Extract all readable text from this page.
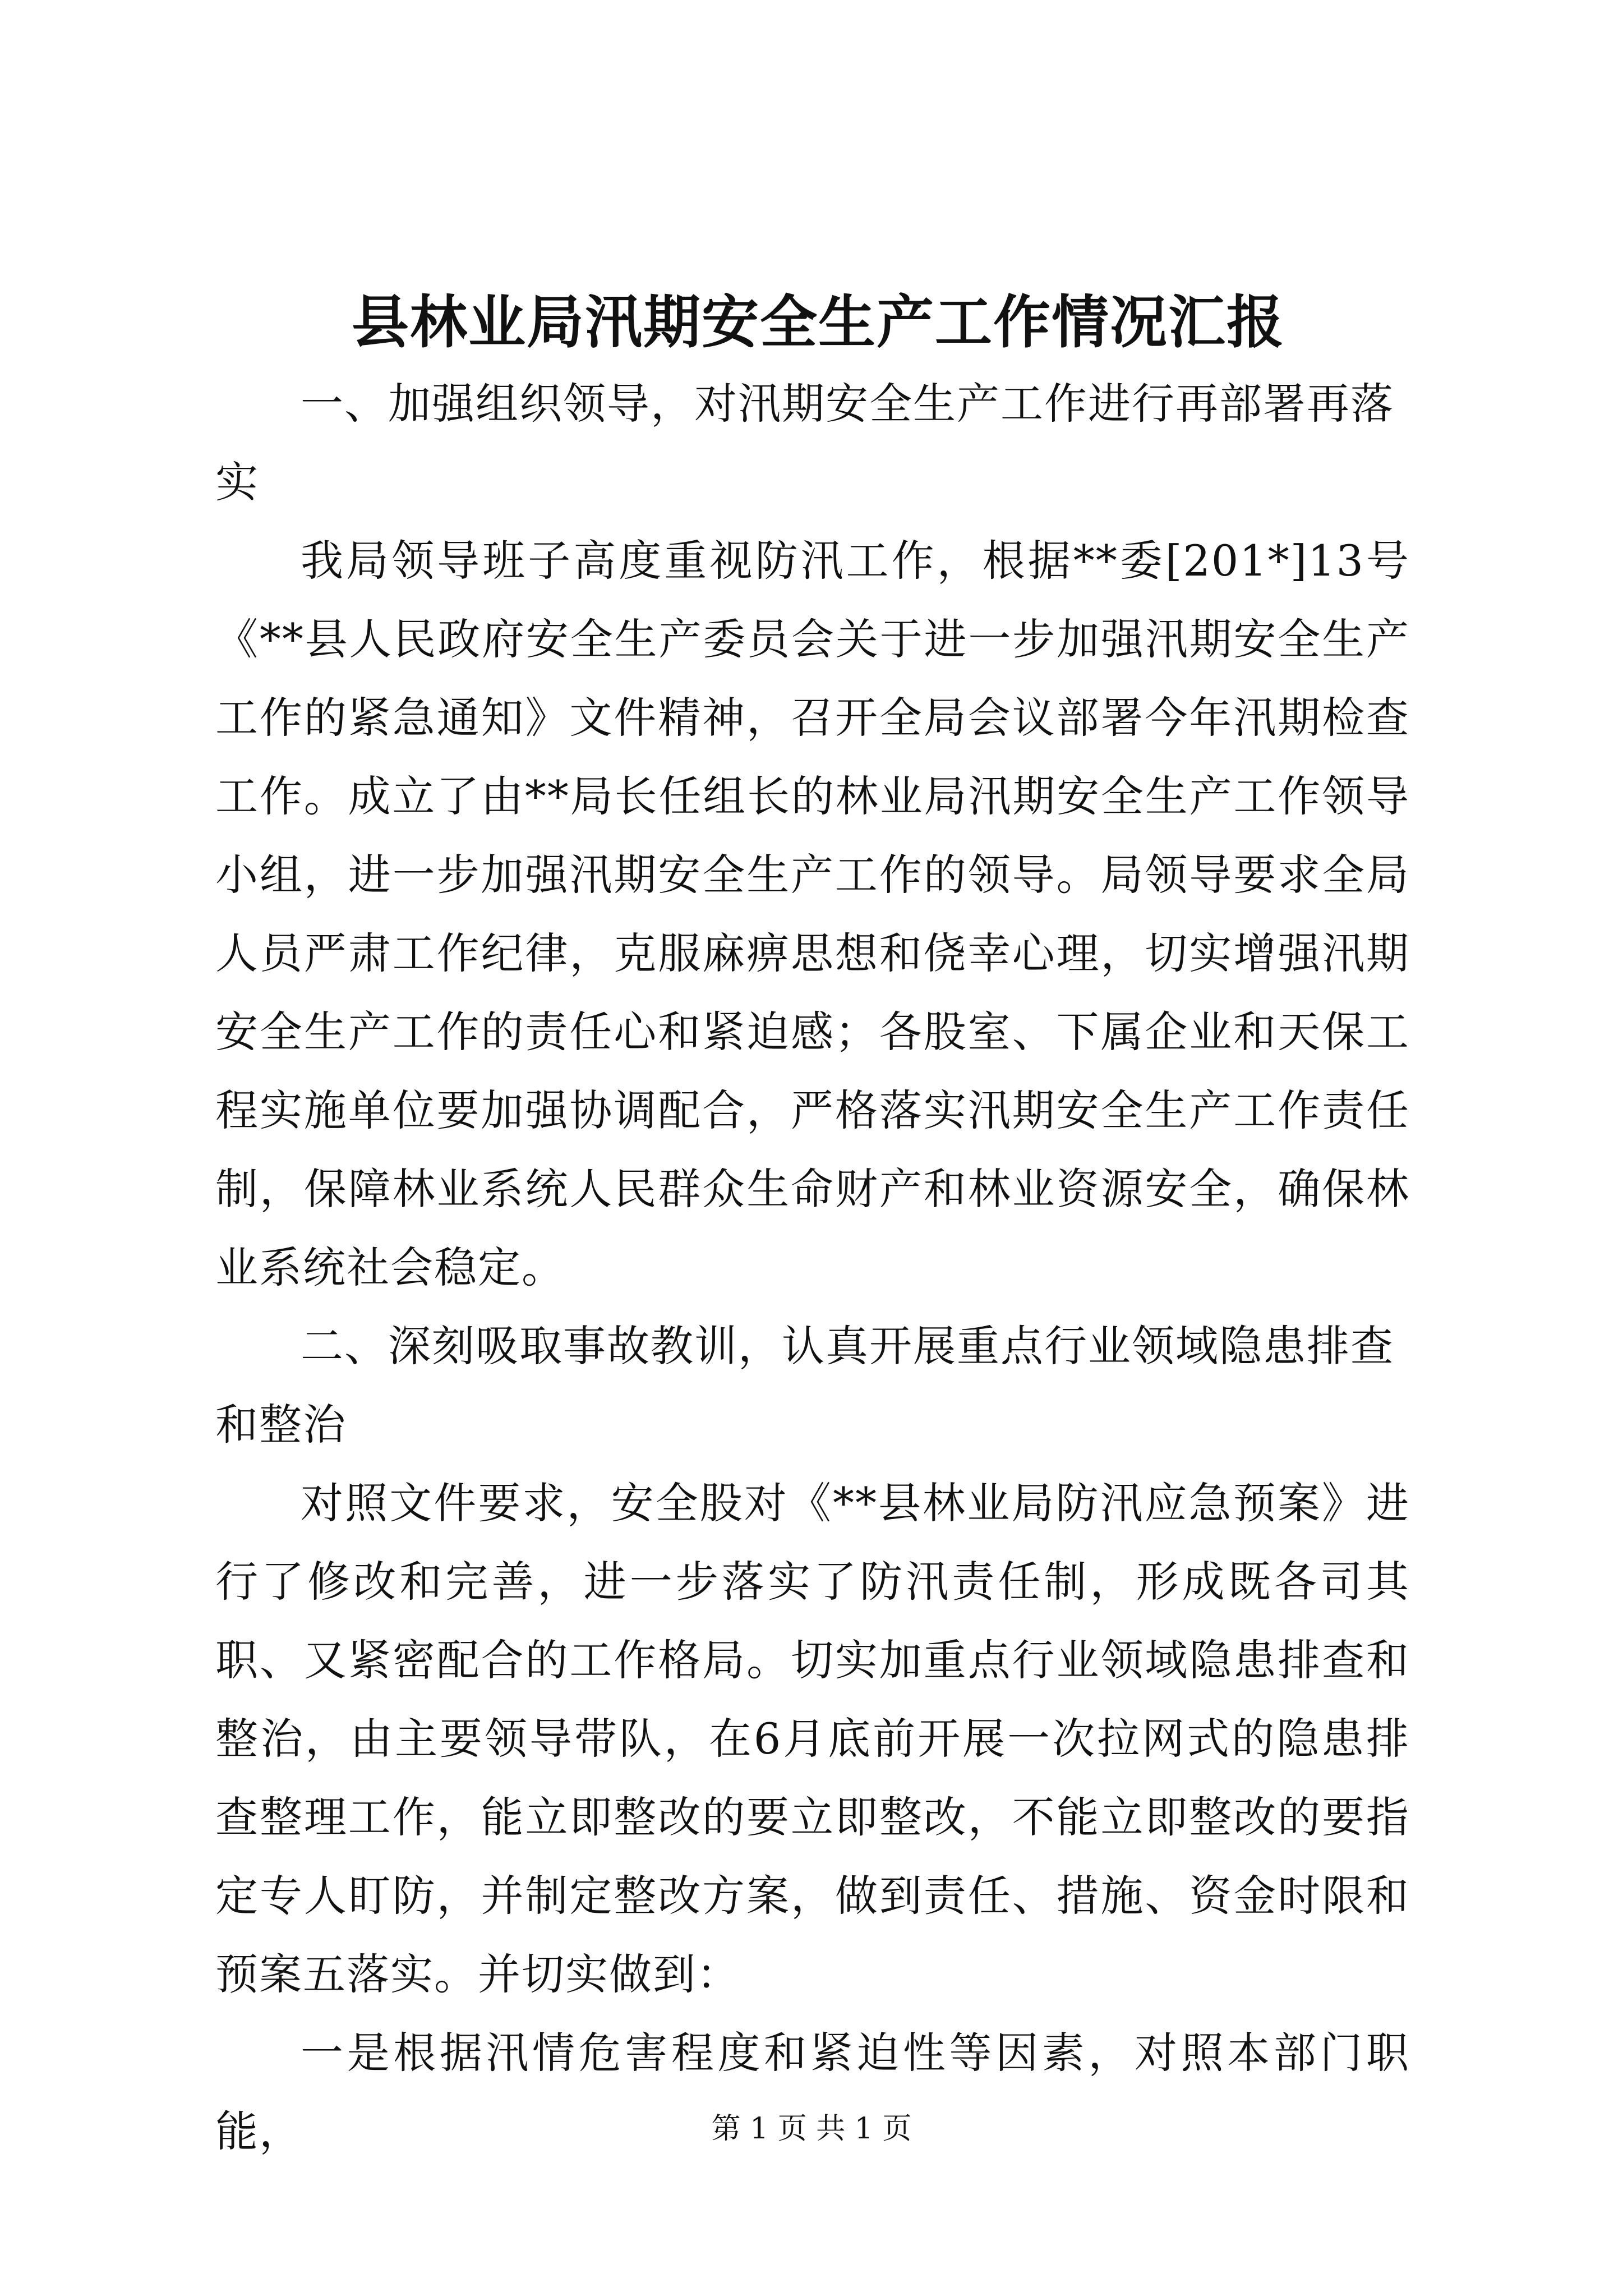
县林业局汛期安全生产工作情况汇报

一、加强组织领导，对汛期安全生产工作进行再部署再落实

我局领导班子高度重视防汛工作，根据**委[201*]13号《**县人民政府安全生产委员会关于进一步加强汛期安全生产工作的紧急通知》文件精神，召开全局会议部署今年汛期检查工作。成立了由**局长任组长的林业局汛期安全生产工作领导小组，进一步加强汛期安全生产工作的领导。局领导要求全局人员严肃工作纪律，克服麻痹思想和侥幸心理，切实增强汛期安全生产工作的责任心和紧迫感；各股室、下属企业和天保工程实施单位要加强协调配合，严格落实汛期安全生产工作责任制，保障林业系统人民群众生命财产和林业资源安全，确保林业系统社会稳定。

二、深刻吸取事故教训，认真开展重点行业领域隐患排查和整治

对照文件要求，安全股对《**县林业局防汛应急预案》进行了修改和完善，进一步落实了防汛责任制，形成既各司其职、又紧密配合的工作格局。切实加重点行业领域隐患排查和整治，由主要领导带队，在6月底前开展一次拉网式的隐患排查整理工作，能立即整改的要立即整改，不能立即整改的要指定专人盯防，并制定整改方案，做到责任、措施、资金时限和预案五落实。并切实做到：

一是根据汛情危害程度和紧迫性等因素，对照本部门职能，	第 1 页 共 1 页
